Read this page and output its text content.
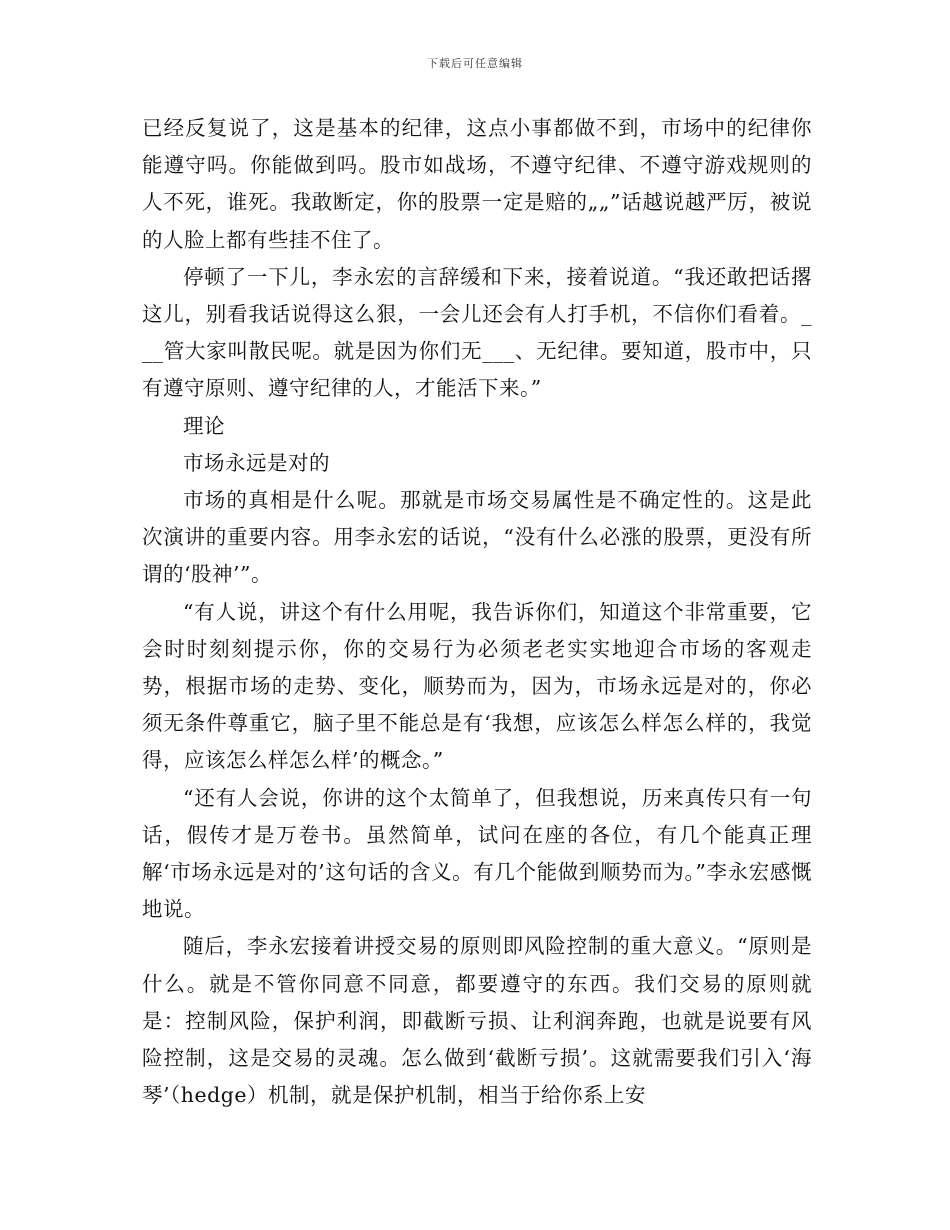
下载后可任意编辑

已经反复说了，这是基本的纪律，这点小事都做不到，市场中的纪律你能遵守吗。你能做到吗。股市如战场，不遵守纪律、不遵守游戏规则的人不死，谁死。我敢断定，你的股票一定是赔的„„”话越说越严厉，被说的人脸上都有些挂不住了。

停顿了一下儿，李永宏的言辞缓和下来，接着说道。“我还敢把话撂这儿，别看我话说得这么狠，一会儿还会有人打手机，不信你们看着。___管大家叫散民呢。就是因为你们无___、无纪律。要知道，股市中，只有遵守原则、遵守纪律的人，才能活下来。”

理论

市场永远是对的

市场的真相是什么呢。那就是市场交易属性是不确定性的。这是此次演讲的重要内容。用李永宏的话说，“没有什么必涨的股票，更没有所谓的‘股神’”。

“有人说，讲这个有什么用呢，我告诉你们，知道这个非常重要，它会时时刻刻提示你，你的交易行为必须老老实实地迎合市场的客观走势，根据市场的走势、变化，顺势而为，因为，市场永远是对的，你必须无条件尊重它，脑子里不能总是有‘我想，应该怎么样怎么样的，我觉得，应该怎么样怎么样’的概念。”

“还有人会说，你讲的这个太简单了，但我想说，历来真传只有一句话，假传才是万卷书。虽然简单，试问在座的各位，有几个能真正理解‘市场永远是对的’这句话的含义。有几个能做到顺势而为。”李永宏感慨地说。

随后，李永宏接着讲授交易的原则即风险控制的重大意义。“原则是什么。就是不管你同意不同意，都要遵守的东西。我们交易的原则就是：控制风险，保护利润，即截断亏损、让利润奔跑，也就是说要有风险控制，这是交易的灵魂。怎么做到‘截断亏损’。这就需要我们引入‘海琴’（hedge）机制，就是保护机制，相当于给你系上安
